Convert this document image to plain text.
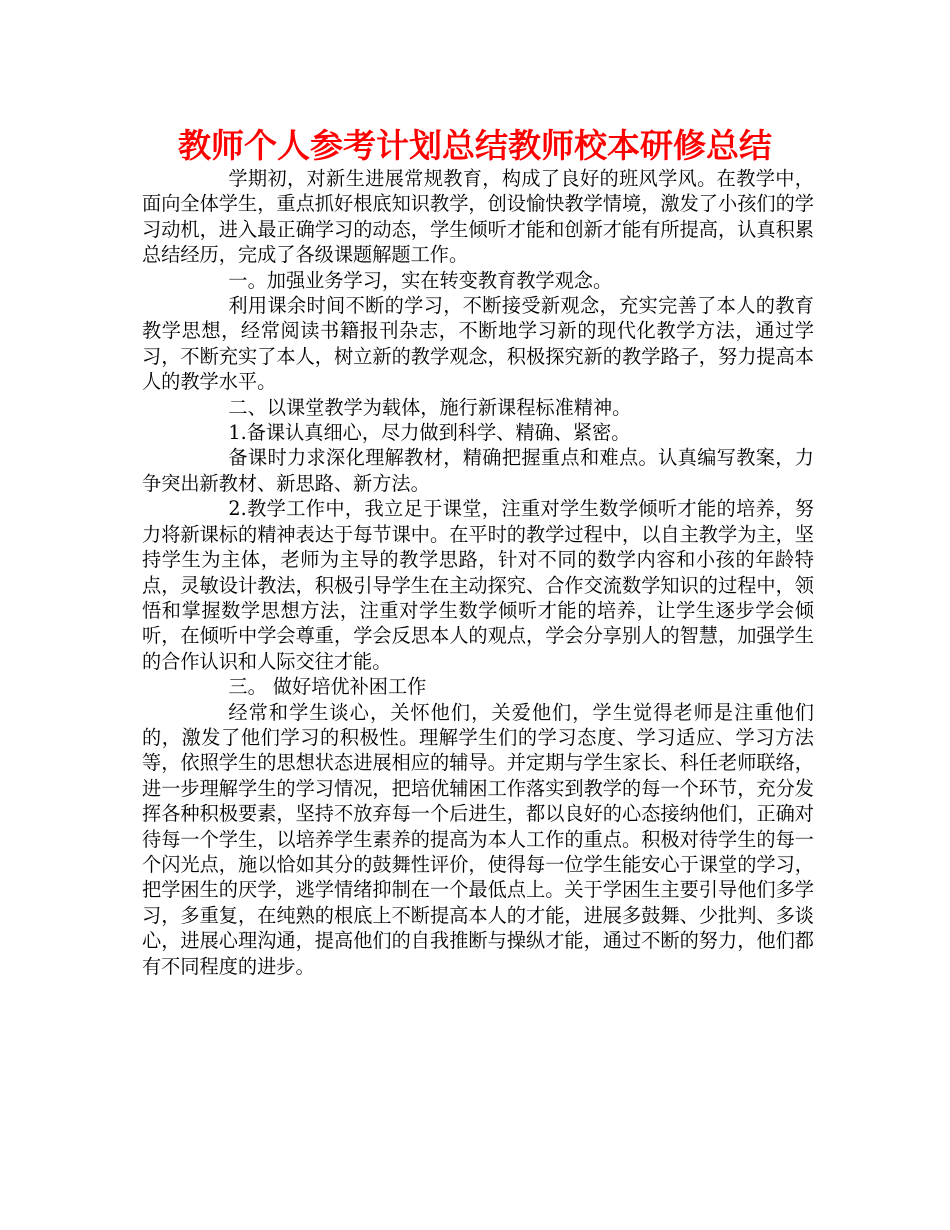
教师个人参考计划总结教师校本研修总结

学期初，对新生进展常规教育，构成了良好的班风学风。在教学中，面向全体学生，重点抓好根底知识教学，创设愉快教学情境，激发了小孩们的学习动机，进入最正确学习的动态，学生倾听才能和创新才能有所提高，认真积累总结经历，完成了各级课题解题工作。

一。加强业务学习，实在转变教育教学观念。

利用课余时间不断的学习，不断接受新观念，充实完善了本人的教育教学思想，经常阅读书籍报刊杂志，不断地学习新的现代化教学方法，通过学习，不断充实了本人，树立新的教学观念，积极探究新的教学路子，努力提高本人的教学水平。

二、以课堂教学为载体，施行新课程标准精神。

1.备课认真细心，尽力做到科学、精确、紧密。

备课时力求深化理解教材，精确把握重点和难点。认真编写教案，力争突出新教材、新思路、新方法。

2.教学工作中，我立足于课堂，注重对学生数学倾听才能的培养，努力将新课标的精神表达于每节课中。在平时的教学过程中，以自主教学为主，坚持学生为主体，老师为主导的教学思路，针对不同的数学内容和小孩的年龄特点，灵敏设计教法，积极引导学生在主动探究、合作交流数学知识的过程中，领悟和掌握数学思想方法，注重对学生数学倾听才能的培养，让学生逐步学会倾听，在倾听中学会尊重，学会反思本人的观点，学会分享别人的智慧，加强学生的合作认识和人际交往才能。

三。 做好培优补困工作

经常和学生谈心，关怀他们，关爱他们，学生觉得老师是注重他们的，激发了他们学习的积极性。理解学生们的学习态度、学习适应、学习方法等，依照学生的思想状态进展相应的辅导。并定期与学生家长、科任老师联络，进一步理解学生的学习情况，把培优辅困工作落实到教学的每一个环节，充分发挥各种积极要素，坚持不放弃每一个后进生，都以良好的心态接纳他们，正确对待每一个学生，以培养学生素养的提高为本人工作的重点。积极对待学生的每一个闪光点，施以恰如其分的鼓舞性评价，使得每一位学生能安心于课堂的学习，把学困生的厌学，逃学情绪抑制在一个最低点上。关于学困生主要引导他们多学习，多重复，在纯熟的根底上不断提高本人的才能，进展多鼓舞、少批判、多谈心，进展心理沟通，提高他们的自我推断与操纵才能，通过不断的努力，他们都有不同程度的进步。
